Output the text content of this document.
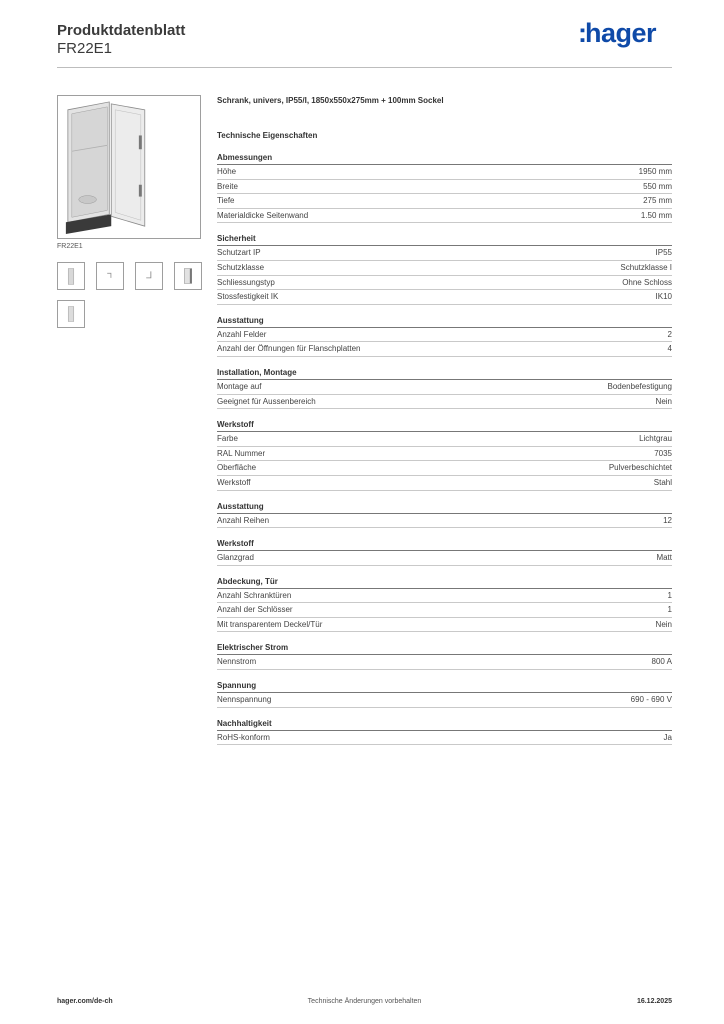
Produktdatenblatt
FR22E1
:hager
FR22E1
Schrank, univers, IP55/I, 1850x550x275mm + 100mm Sockel
Technische Eigenschaften
Abmessungen
Höhe	1950 mm
Breite	550 mm
Tiefe	275 mm
Materialdicke Seitenwand	1.50 mm
Sicherheit
Schutzart IP	IP55
Schutzklasse	Schutzklasse I
Schliessungstyp	Ohne Schloss
Stossfestigkeit IK	IK10
Ausstattung
Anzahl Felder	2
Anzahl der Öffnungen für Flanschplatten	4
Installation, Montage
Montage auf	Bodenbefestigung
Geeignet für Aussenbereich	Nein
Werkstoff
Farbe	Lichtgrau
RAL Nummer	7035
Oberfläche	Pulverbeschichtet
Werkstoff	Stahl
Ausstattung
Anzahl Reihen	12
Werkstoff
Glanzgrad	Matt
Abdeckung, Tür
Anzahl Schranktüren	1
Anzahl der Schlösser	1
Mit transparentem Deckel/Tür	Nein
Elektrischer Strom
Nennstrom	800 A
Spannung
Nennspannung	690 - 690 V
Nachhaltigkeit
RoHS-konform	Ja
hager.com/de-ch	Technische Änderungen vorbehalten	16.12.2025
